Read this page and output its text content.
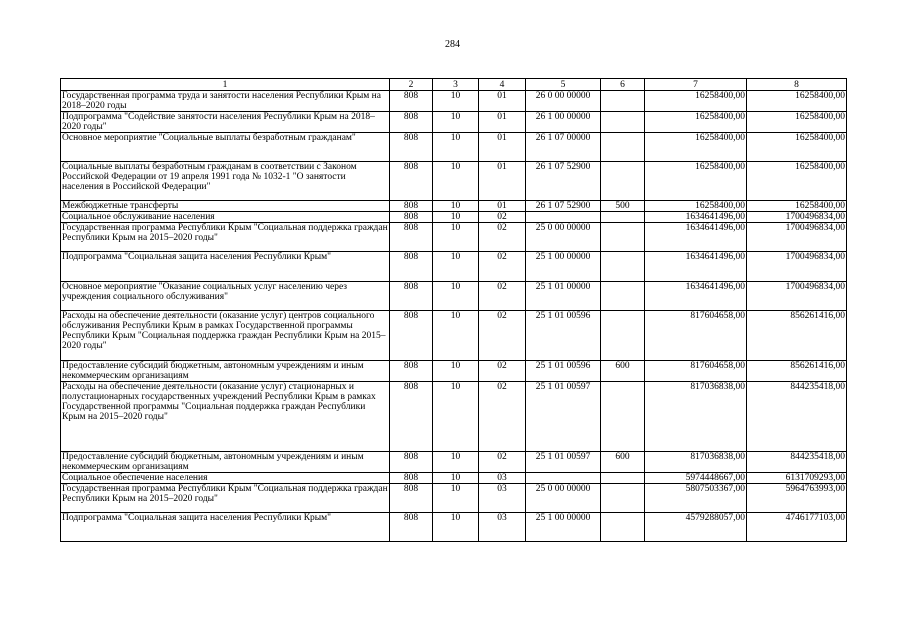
284
1	2	3	4	5	6	7	8
Государственная программа труда и занятости населения Республики Крым на 2018–2020 годы	808	10	01	26 0 00 00000		16258400,00	16258400,00
Подпрограмма "Содействие занятости населения Республики Крым на 2018–2020 годы"	808	10	01	26 1 00 00000		16258400,00	16258400,00
Основное мероприятие "Социальные выплаты безработным гражданам"	808	10	01	26 1 07 00000		16258400,00	16258400,00
Социальные выплаты безработным гражданам в соответствии с Законом Российской Федерации от 19 апреля 1991 года № 1032-1 "О занятости населения в Российской Федерации"	808	10	01	26 1 07 52900		16258400,00	16258400,00
Межбюджетные трансферты	808	10	01	26 1 07 52900	500	16258400,00	16258400,00
Социальное обслуживание населения	808	10	02			1634641496,00	1700496834,00
Государственная программа Республики Крым "Социальная поддержка граждан Республики Крым на 2015–2020 годы"	808	10	02	25 0 00 00000		1634641496,00	1700496834,00
Подпрограмма "Социальная защита населения Республики Крым"	808	10	02	25 1 00 00000		1634641496,00	1700496834,00
Основное мероприятие "Оказание социальных услуг населению через учреждения социального обслуживания"	808	10	02	25 1 01 00000		1634641496,00	1700496834,00
Расходы на обеспечение деятельности (оказание услуг) центров социального обслуживания Республики Крым в рамках Государственной программы Республики Крым "Социальная поддержка граждан Республики Крым на 2015–2020 годы"	808	10	02	25 1 01 00596		817604658,00	856261416,00
Предоставление субсидий бюджетным, автономным учреждениям и иным некоммерческим организациям	808	10	02	25 1 01 00596	600	817604658,00	856261416,00
Расходы на обеспечение деятельности (оказание услуг) стационарных и полустационарных государственных учреждений Республики Крым в рамках Государственной программы "Социальная поддержка граждан Республики Крым на 2015–2020 годы"	808	10	02	25 1 01 00597		817036838,00	844235418,00
Предоставление субсидий бюджетным, автономным учреждениям и иным некоммерческим организациям	808	10	02	25 1 01 00597	600	817036838,00	844235418,00
Социальное обеспечение населения	808	10	03			5974448667,00	6131709293,00
Государственная программа Республики Крым "Социальная поддержка граждан Республики Крым на 2015–2020 годы"	808	10	03	25 0 00 00000		5807503367,00	5964763993,00
Подпрограмма "Социальная защита населения Республики Крым"	808	10	03	25 1 00 00000		4579288057,00	4746177103,00
